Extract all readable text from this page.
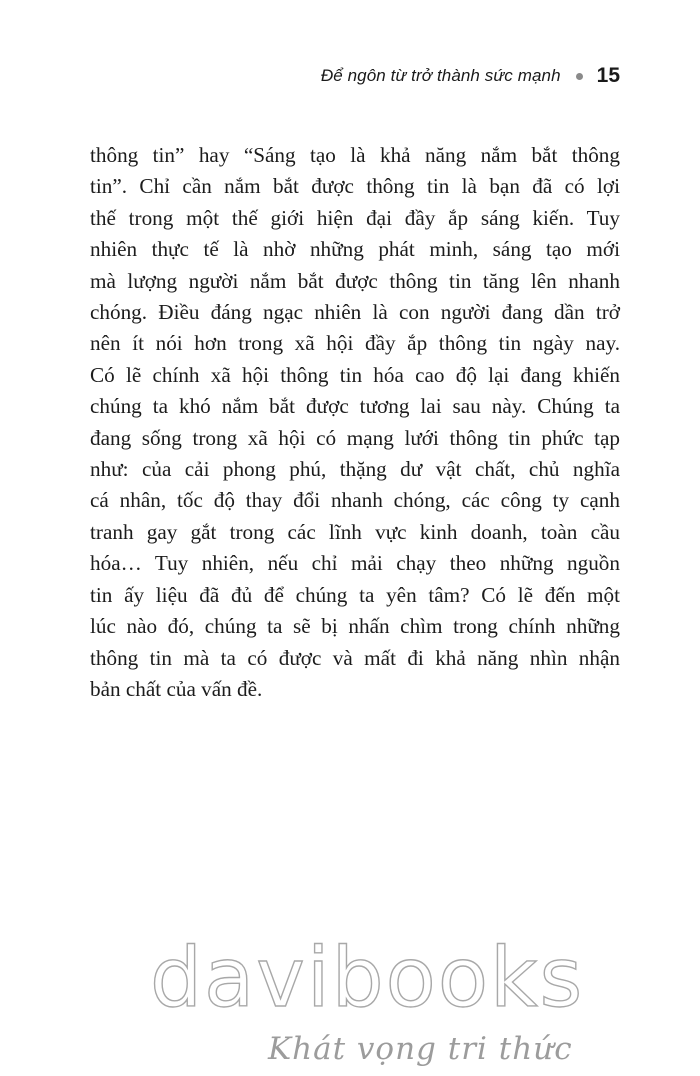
Để ngôn từ trở thành sức mạnh 15
thông tin” hay “Sáng tạo là khả năng nắm bắt thông
tin”. Chỉ cần nắm bắt được thông tin là bạn đã có lợi
thế trong một thế giới hiện đại đầy ắp sáng kiến. Tuy
nhiên thực tế là nhờ những phát minh, sáng tạo mới
mà lượng người nắm bắt được thông tin tăng lên nhanh
chóng. Điều đáng ngạc nhiên là con người đang dần trở
nên ít nói hơn trong xã hội đầy ắp thông tin ngày nay.
Có lẽ chính xã hội thông tin hóa cao độ lại đang khiến
chúng ta khó nắm bắt được tương lai sau này. Chúng ta
đang sống trong xã hội có mạng lưới thông tin phức tạp
như: của cải phong phú, thặng dư vật chất, chủ nghĩa
cá nhân, tốc độ thay đổi nhanh chóng, các công ty cạnh
tranh gay gắt trong các lĩnh vực kinh doanh, toàn cầu
hóa… Tuy nhiên, nếu chỉ mải chạy theo những nguồn
tin ấy liệu đã đủ để chúng ta yên tâm? Có lẽ đến một
lúc nào đó, chúng ta sẽ bị nhấn chìm trong chính những
thông tin mà ta có được và mất đi khả năng nhìn nhận
bản chất của vấn đề.
davibooks
Khát vọng tri thức
